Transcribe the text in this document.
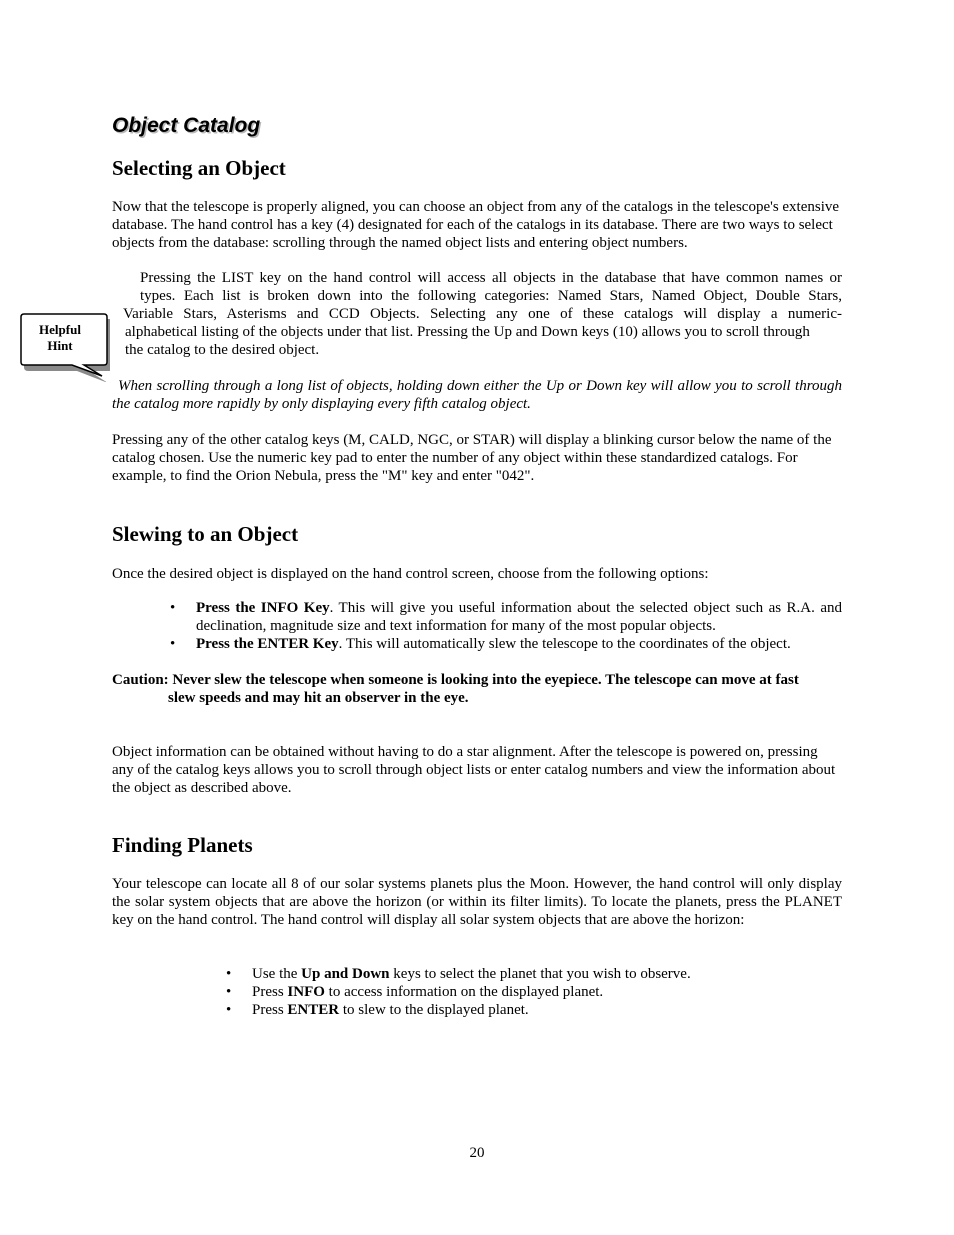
Object Catalog
Selecting an Object

Now that the telescope is properly aligned, you can choose an object from any of the catalogs in the telescope's extensive database. The hand control has a key (4) designated for each of the catalogs in its database. There are two ways to select objects from the database: scrolling through the named object lists and entering object numbers.

Helpful
Hint
Pressing the LIST key on the hand control will access all objects in the database that have common names or
types. Each list is broken down into the following categories: Named Stars, Named Object, Double Stars,
Variable Stars, Asterisms and CCD Objects. Selecting any one of these catalogs will display a numeric-
alphabetical listing of the objects under that list. Pressing the Up and Down keys (10) allows you to scroll through
the catalog to the desired object.

When scrolling through a long list of objects, holding down either the Up or Down key will allow you to scroll through the catalog more rapidly by only displaying every fifth catalog object.

Pressing any of the other catalog keys (M, CALD, NGC, or STAR) will display a blinking cursor below the name of the catalog chosen. Use the numeric key pad to enter the number of any object within these standardized catalogs. For example, to find the Orion Nebula, press the "M" key and enter "042".

Slewing to an Object

Once the desired object is displayed on the hand control screen, choose from the following options:

• Press the INFO Key. This will give you useful information about the selected object such as R.A. and declination, magnitude size and text information for many of the most popular objects.
• Press the ENTER Key. This will automatically slew the telescope to the coordinates of the object.
Caution: Never slew the telescope when someone is looking into the eyepiece. The telescope can move at fast
slew speeds and may hit an observer in the eye.

Object information can be obtained without having to do a star alignment. After the telescope is powered on, pressing any of the catalog keys allows you to scroll through object lists or enter catalog numbers and view the information about the object as described above.

Finding Planets

Your telescope can locate all 8 of our solar systems planets plus the Moon. However, the hand control will only display the solar system objects that are above the horizon (or within its filter limits). To locate the planets, press the PLANET key on the hand control. The hand control will display all solar system objects that are above the horizon:

• Use the Up and Down keys to select the planet that you wish to observe.
• Press INFO to access information on the displayed planet.
• Press ENTER to slew to the displayed planet.
20
